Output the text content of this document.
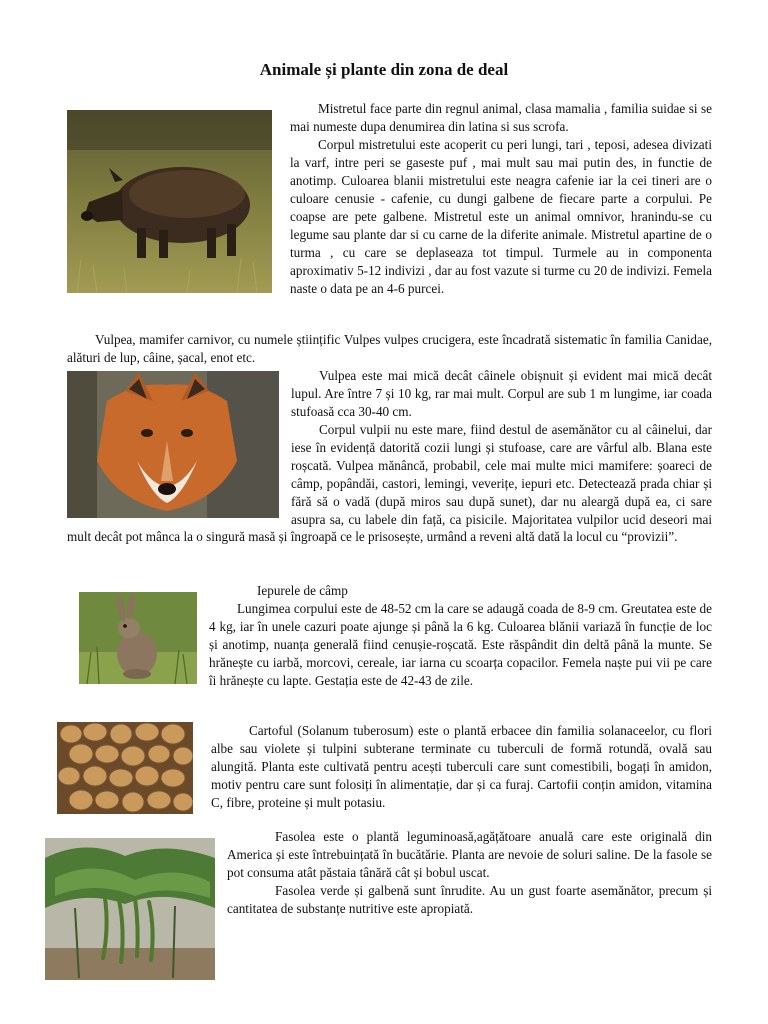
Animale și plante din zona de deal

Mistretul face parte din regnul animal, clasa mamalia , familia suidae si se mai numeste dupa denumirea din latina si sus scrofa.

Corpul mistretului este acoperit cu peri lungi, tari , teposi, adesea divizati la varf, intre peri se gaseste puf , mai mult sau mai putin des, in functie de anotimp. Culoarea blanii mistretului este neagra cafenie iar la cei tineri are o culoare cenusie - cafenie, cu dungi galbene de fiecare parte a corpului. Pe coapse are pete galbene. Mistretul este un animal omnivor, hranindu-se cu legume sau plante dar si cu carne de la diferite animale. Mistretul apartine de o turma , cu care se deplaseaza tot timpul. Turmele au in componenta aproximativ 5-12 indivizi , dar au fost vazute si turme cu 20 de indivizi. Femela naste o data pe an 4-6 purcei.

Vulpea, mamifer carnivor, cu numele științific Vulpes vulpes crucigera, este încadrată sistematic în familia Canidae, alături de lup, câine, șacal, enot etc.

Vulpea este mai mică decât câinele obișnuit și evident mai mică decât lupul. Are între 7 și 10 kg, rar mai mult. Corpul are sub 1 m lungime, iar coada stufoasă cca 30-40 cm.

Corpul vulpii nu este mare, fiind destul de asemănător cu al câinelui, dar iese în evidență datorită cozii lungi și stufoase, care are vârful alb. Blana este roșcată. Vulpea mănâncă, probabil, cele mai multe mici mamifere: șoareci de câmp, popândăi, castori, lemingi, veverițe, iepuri etc. Detectează prada chiar și fără să o vadă (după miros sau după sunet), dar nu aleargă după ea, ci sare asupra sa, cu labele din față, ca pisicile. Majoritatea vulpilor ucid deseori mai mult decât pot mânca la o singură masă și îngroapă ce le prisosește, urmând a reveni altă dată la locul cu “provizii”.

Iepurele de câmp

Lungimea corpului este de 48-52 cm la care se adaugă coada de 8-9 cm. Greutatea este de 4 kg, iar în unele cazuri poate ajunge și până la 6 kg. Culoarea blănii variază în funcție de loc și anotimp, nuanța generală fiind cenușie-roșcată. Este răspândit din deltă până la munte. Se hrănește cu iarbă, morcovi, cereale, iar iarna cu scoarța copacilor. Femela naște pui vii pe care îi hrănește cu lapte. Gestația este de 42-43 de zile.

Cartoful (Solanum tuberosum) este o plantă erbacee din familia solanaceelor, cu flori albe sau violete și tulpini subterane terminate cu tuberculi de formă rotundă, ovală sau alungită. Planta este cultivată pentru acești tuberculi care sunt comestibili, bogați în amidon, motiv pentru care sunt folosiți în alimentație, dar și ca furaj. Cartofii conțin amidon, vitamina C, fibre, proteine și mult potasiu.

Fasolea este o plantă leguminoasă,agățătoare anuală care este originală din America și este întrebuințată în bucătărie. Planta are nevoie de soluri saline. De la fasole se pot consuma atât păstaia tânără cât și bobul uscat.

Fasolea verde și galbenă sunt înrudite. Au un gust foarte asemănător, precum și cantitatea de substanțe nutritive este apropiată.
